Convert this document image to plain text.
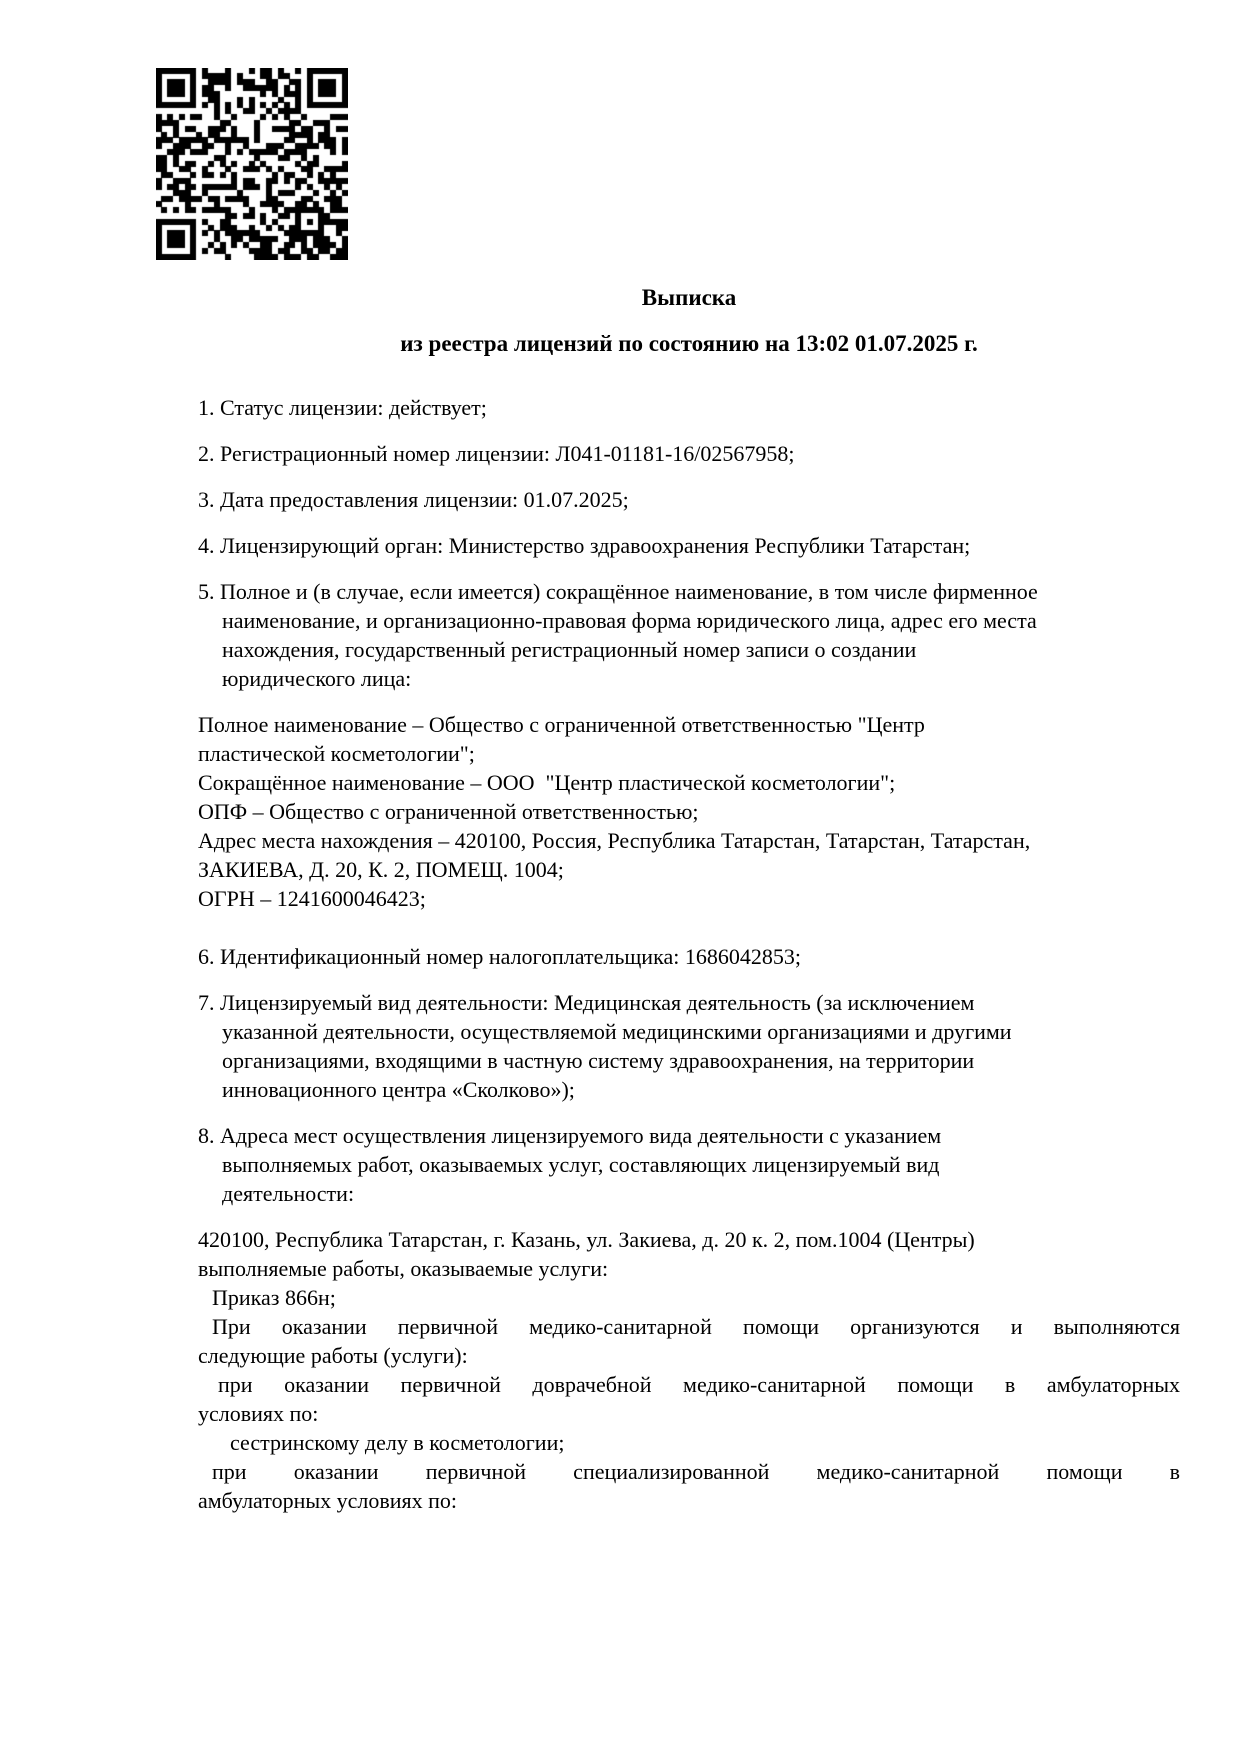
Выписка
из реестра лицензий по состоянию на 13:02 01.07.2025 г.
1. Статус лицензии: действует;
2. Регистрационный номер лицензии: Л041-01181-16/02567958;
3. Дата предоставления лицензии: 01.07.2025;
4. Лицензирующий орган: Министерство здравоохранения Республики Татарстан;
5. Полное и (в случае, если имеется) сокращённое наименование, в том числе фирменное
наименование, и организационно-правовая форма юридического лица, адрес его места
нахождения, государственный регистрационный номер записи о создании
юридического лица:
Полное наименование – Общество с ограниченной ответственностью "Центр
пластической косметологии";
Сокращённое наименование – ООО  "Центр пластической косметологии";
ОПФ – Общество с ограниченной ответственностью;
Адрес места нахождения – 420100, Россия, Республика Татарстан, Татарстан, Татарстан,
ЗАКИЕВА, Д. 20, К. 2, ПОМЕЩ. 1004;
ОГРН – 1241600046423;
6. Идентификационный номер налогоплательщика: 1686042853;
7. Лицензируемый вид деятельности: Медицинская деятельность (за исключением
указанной деятельности, осуществляемой медицинскими организациями и другими
организациями, входящими в частную систему здравоохранения, на территории
инновационного центра «Сколково»);
8. Адреса мест осуществления лицензируемого вида деятельности с указанием
выполняемых работ, оказываемых услуг, составляющих лицензируемый вид
деятельности:
420100, Республика Татарстан, г. Казань, ул. Закиева, д. 20 к. 2, пом.1004 (Центры)
выполняемые работы, оказываемые услуги:
Приказ 866н;
При оказании первичной медико-санитарной помощи организуются и выполняются
следующие работы (услуги):
при оказании первичной доврачебной медико-санитарной помощи в амбулаторных
условиях по:
сестринскому делу в косметологии;
при оказании первичной специализированной медико-санитарной помощи в
амбулаторных условиях по:
